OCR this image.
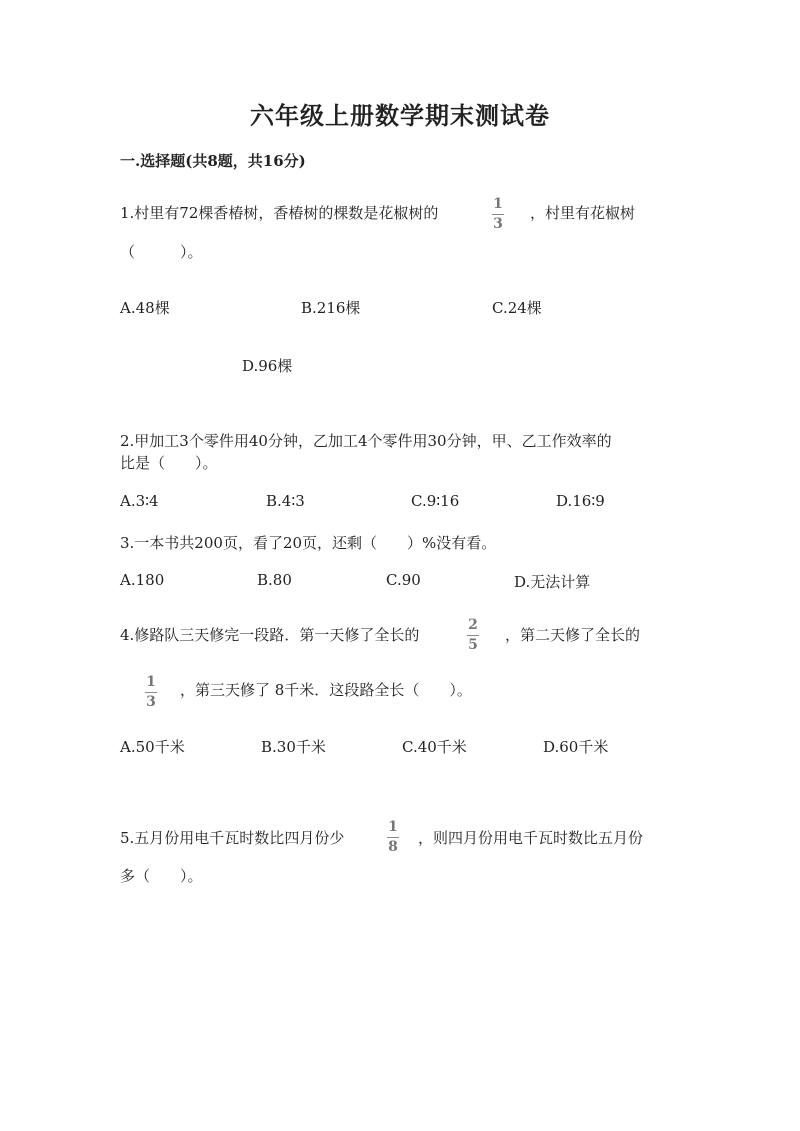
六年级上册数学期末测试卷
一.选择题(共8题，共16分)
1.村里有72棵香椿树，香椿树的棵数是花椒树的	1
3
，村里有花椒树
（　　　）。
A.48棵	B.216棵	C.24棵
D.96棵
2.甲加工3个零件用40分钟，乙加工4个零件用30分钟，甲、乙工作效率的
比是（　　）。
A.3∶4	B.4∶3	C.9∶16	D.16∶9
3.一本书共200页，看了20页，还剩（　　）%没有看。
A.180	B.80	C.90	D.无法计算
4.修路队三天修完一段路．第一天修了全长的
2
5
，第二天修了全长的
1
3
，第三天修了 8千米．这段路全长（　　）。
A.50千米	B.30千米	C.40千米	D.60千米
5.五月份用电千瓦时数比四月份少
1
8 ，则四月份用电千瓦时数比五月份
多（　　）。
